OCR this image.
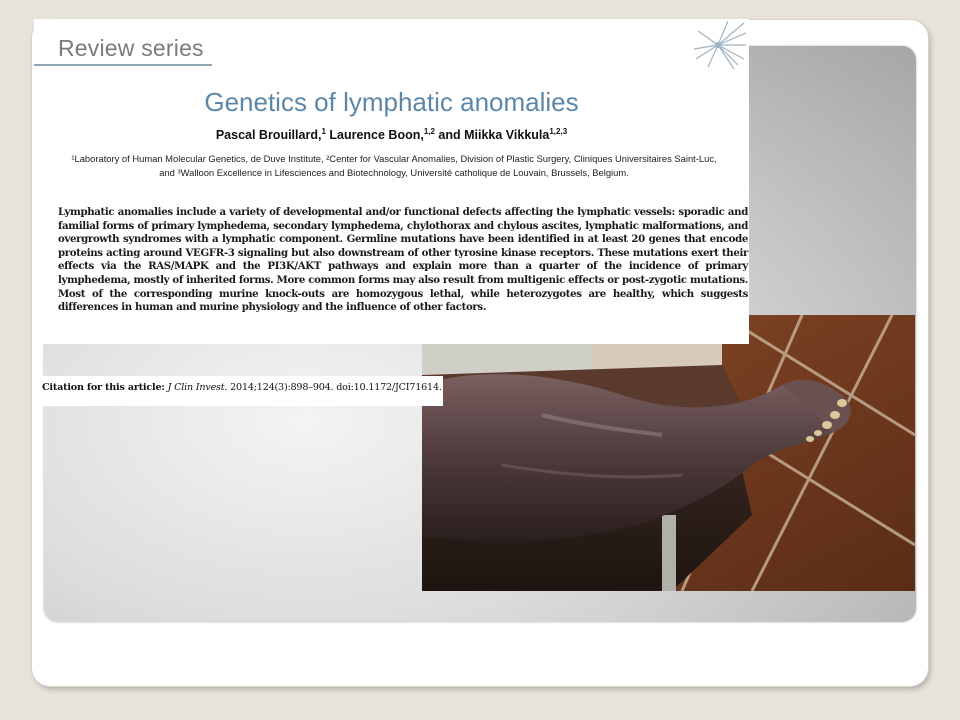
Review series
Genetics of lymphatic anomalies
Pascal Brouillard,$^1$ Laurence Boon,$^{1,2}$ and Miikka Vikkula$^{1,2,3}$
¹Laboratory of Human Molecular Genetics, de Duve Institute, ²Center for Vascular Anomalies, Division of Plastic Surgery, Cliniques Universitaires Saint-Luc,
and ³Walloon Excellence in Lifesciences and Biotechnology, Université catholique de Louvain, Brussels, Belgium.
Lymphatic anomalies include a variety of developmental and/or functional defects affecting the lymphatic vessels: sporadic and familial forms of primary lymphedema, secondary lymphedema, chylothorax and chylous ascites, lymphatic malformations, and overgrowth syndromes with a lymphatic component. Germline mutations have been identified in at least 20 genes that encode proteins acting around VEGFR-3 signaling but also downstream of other tyrosine kinase receptors. These mutations exert their effects via the RAS/MAPK and the PI3K/AKT pathways and explain more than a quarter of the incidence of primary lymphedema, mostly of inherited forms. More common forms may also result from multigenic effects or post-zygotic mutations. Most of the corresponding murine knock-outs are homozygous lethal, while heterozygotes are healthy, which suggests differences in human and murine physiology and the influence of other factors.
Citation for this article: J Clin Invest. 2014;124(3):898–904. doi:10.1172/JCI71614.
